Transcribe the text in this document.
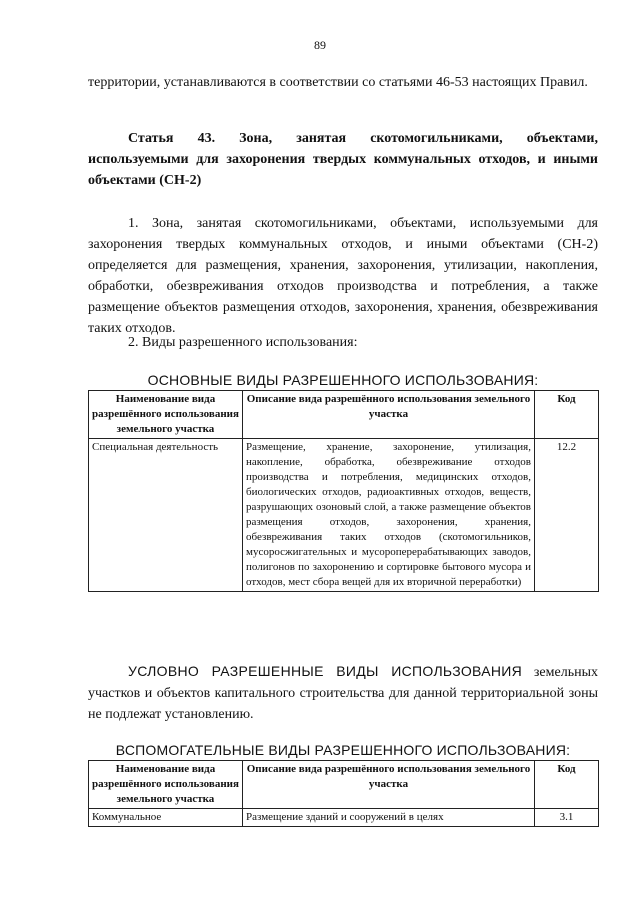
89

территории, устанавливаются в соответствии со статьями 46-53 настоящих Правил.

Статья 43. Зона, занятая скотомогильниками, объектами, используемыми для захоронения твердых коммунальных отходов, и иными объектами (СН-2)

1. Зона, занятая скотомогильниками, объектами, используемыми для захоронения твердых коммунальных отходов, и иными объектами (СН-2) определяется для размещения, хранения, захоронения, утилизации, накопления, обработки, обезвреживания отходов производства и потребления, а также размещение объектов размещения отходов, захоронения, хранения, обезвреживания таких отходов.

2. Виды разрешенного использования:

ОСНОВНЫЕ ВИДЫ РАЗРЕШЕННОГО ИСПОЛЬЗОВАНИЯ:

Наименование вида разрешённого использования земельного участка	Описание вида разрешённого использования земельного участка	Код
Специальная деятельность	Размещение, хранение, захоронение, утилизация, накопление, обработка, обезвреживание отходов производства и потребления, медицинских отходов, биологических отходов, радиоактивных отходов, веществ, разрушающих озоновый слой, а также размещение объектов размещения отходов, захоронения, хранения, обезвреживания таких отходов (скотомогильников, мусоросжигательных и мусороперерабатывающих заводов, полигонов по захоронению и сортировке бытового мусора и отходов, мест сбора вещей для их вторичной переработки)	12.2

УСЛОВНО РАЗРЕШЕННЫЕ ВИДЫ ИСПОЛЬЗОВАНИЯ земельных участков и объектов капитального строительства для данной территориальной зоны не подлежат установлению.

ВСПОМОГАТЕЛЬНЫЕ ВИДЫ РАЗРЕШЕННОГО ИСПОЛЬЗОВАНИЯ:

Наименование вида разрешённого использования земельного участка	Описание вида разрешённого использования земельного участка	Код
Коммунальное	Размещение зданий и сооружений в целях	3.1
